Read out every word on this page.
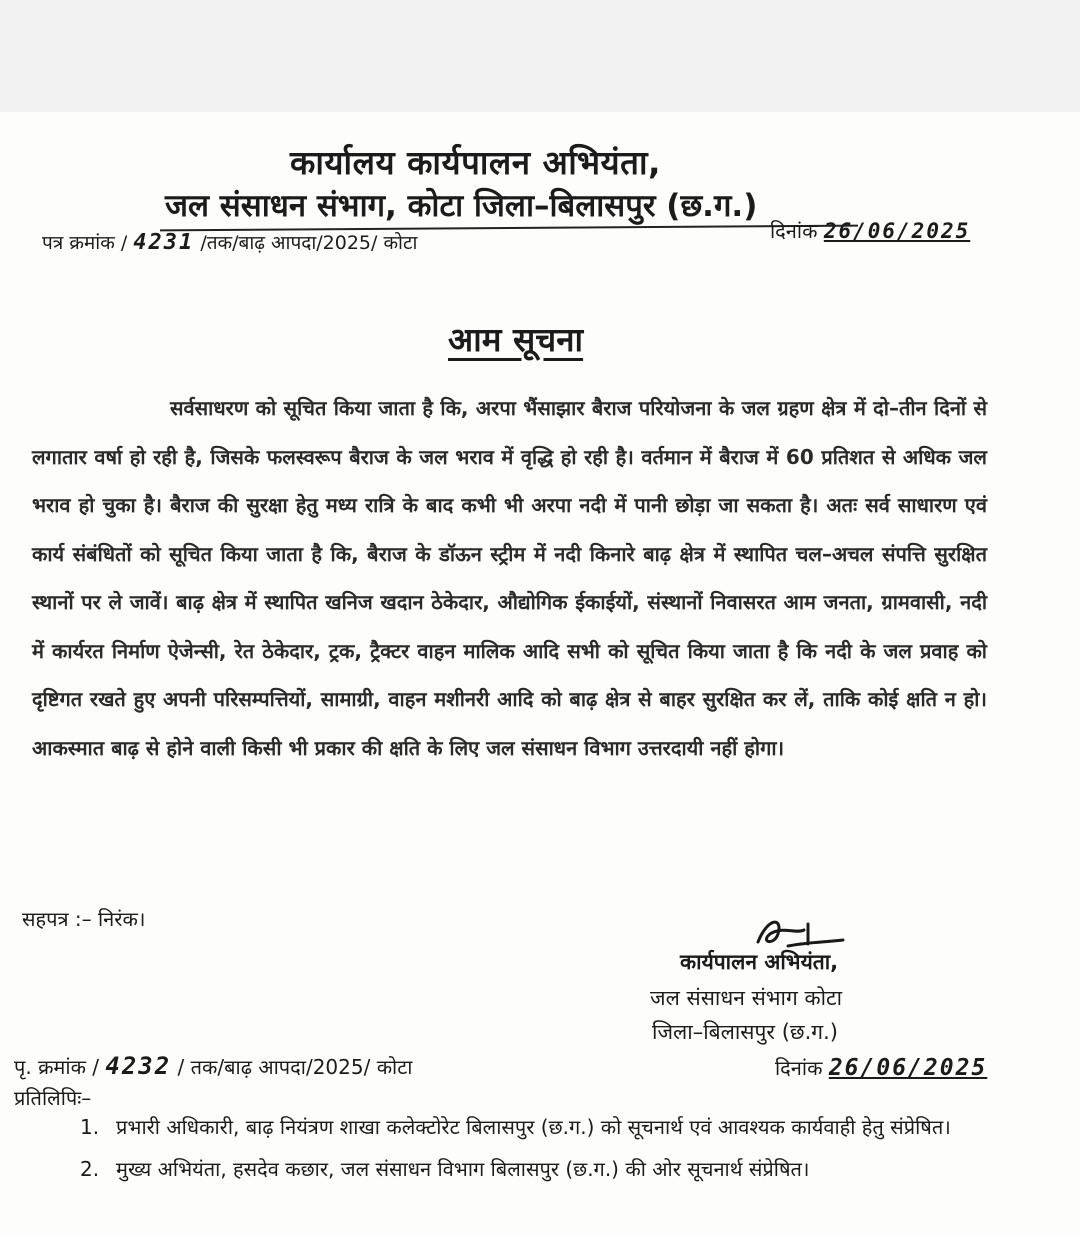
कार्यालय कार्यपालन अभियंता,
जल संसाधन संभाग, कोटा जिला–बिलासपुर (छ.ग.)
पत्र क्रमांक / 4231 /तक/बाढ़ आपदा/2025/ कोटा	दिनांक 26/06/2025
आम सूचना
सर्वसाधरण को सूचित किया जाता है कि, अरपा भैंसाझार बैराज परियोजना के जल ग्रहण क्षेत्र में दो–तीन दिनों से लगातार वर्षा हो रही है, जिसके फलस्वरूप बैराज के जल भराव में वृद्धि हो रही है। वर्तमान में बैराज में 60 प्रतिशत से अधिक जल भराव हो चुका है। बैराज की सुरक्षा हेतु मध्य रात्रि के बाद कभी भी अरपा नदी में पानी छोड़ा जा सकता है। अतः सर्व साधारण एवं कार्य संबंधितों को सूचित किया जाता है कि, बैराज के डॉऊन स्ट्रीम में नदी किनारे बाढ़ क्षेत्र में स्थापित चल–अचल संपत्ति सुरक्षित स्थानों पर ले जावें। बाढ़ क्षेत्र में स्थापित खनिज खदान ठेकेदार, औद्योगिक ईकाईयों, संस्थानों निवासरत आम जनता, ग्रामवासी, नदी में कार्यरत निर्माण ऐजेन्सी, रेत ठेकेदार, ट्रक, ट्रैक्टर वाहन मालिक आदि सभी को सूचित किया जाता है कि नदी के जल प्रवाह को दृष्टिगत रखते हुए अपनी परिसम्पत्तियों, सामाग्री, वाहन मशीनरी आदि को बाढ़ क्षेत्र से बाहर सुरक्षित कर लें, ताकि कोई क्षति न हो। आकस्मात बाढ़ से होने वाली किसी भी प्रकार की क्षति के लिए जल संसाधन विभाग उत्तरदायी नहीं होगा।
सहपत्र :– निरंक।
कार्यपालन अभियंता,
जल संसाधन संभाग कोटा
जिला–बिलासपुर (छ.ग.)
पृ. क्रमांक / 4232 / तक/बाढ़ आपदा/2025/ कोटा	दिनांक 26/06/2025
प्रतिलिपिः–
1. प्रभारी अधिकारी, बाढ़ नियंत्रण शाखा कलेक्टोरेट बिलासपुर (छ.ग.) को सूचनार्थ एवं आवश्यक कार्यवाही हेतु संप्रेषित।
2. मुख्य अभियंता, हसदेव कछार, जल संसाधन विभाग बिलासपुर (छ.ग.) की ओर सूचनार्थ संप्रेषित।
